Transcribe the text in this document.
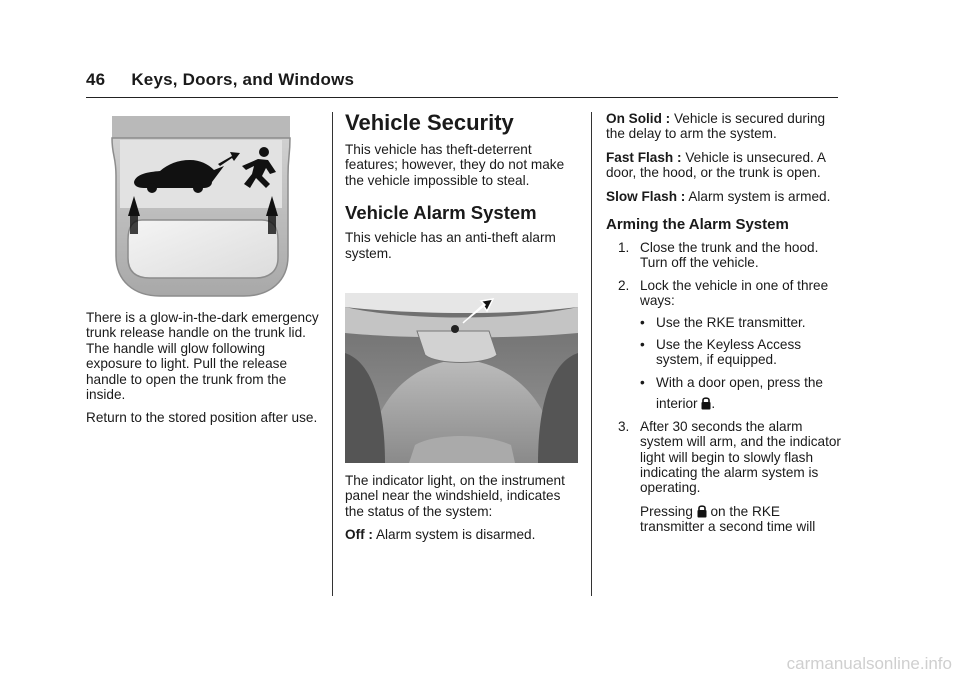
46 Keys, Doors, and Windows

There is a glow-in-the-dark emergency trunk release handle on the trunk lid. The handle will glow following exposure to light. Pull the release handle to open the trunk from the inside.

Return to the stored position after use.

Vehicle Security

This vehicle has theft-deterrent features; however, they do not make the vehicle impossible to steal.

Vehicle Alarm System

This vehicle has an anti-theft alarm system.

The indicator light, on the instrument panel near the windshield, indicates the status of the system:

Off : Alarm system is disarmed.

On Solid : Vehicle is secured during the delay to arm the system.

Fast Flash : Vehicle is unsecured. A door, the hood, or the trunk is open.

Slow Flash : Alarm system is armed.

Arming the Alarm System
1. Close the trunk and the hood. Turn off the vehicle.
2. Lock the vehicle in one of three ways:
• Use the RKE transmitter.
• Use the Keyless Access system, if equipped.
• With a door open, press the
interior .
3. After 30 seconds the alarm system will arm, and the indicator light will begin to slowly flash indicating the alarm system is operating.
Pressing on the RKE transmitter a second time will
carmanualsonline.info
